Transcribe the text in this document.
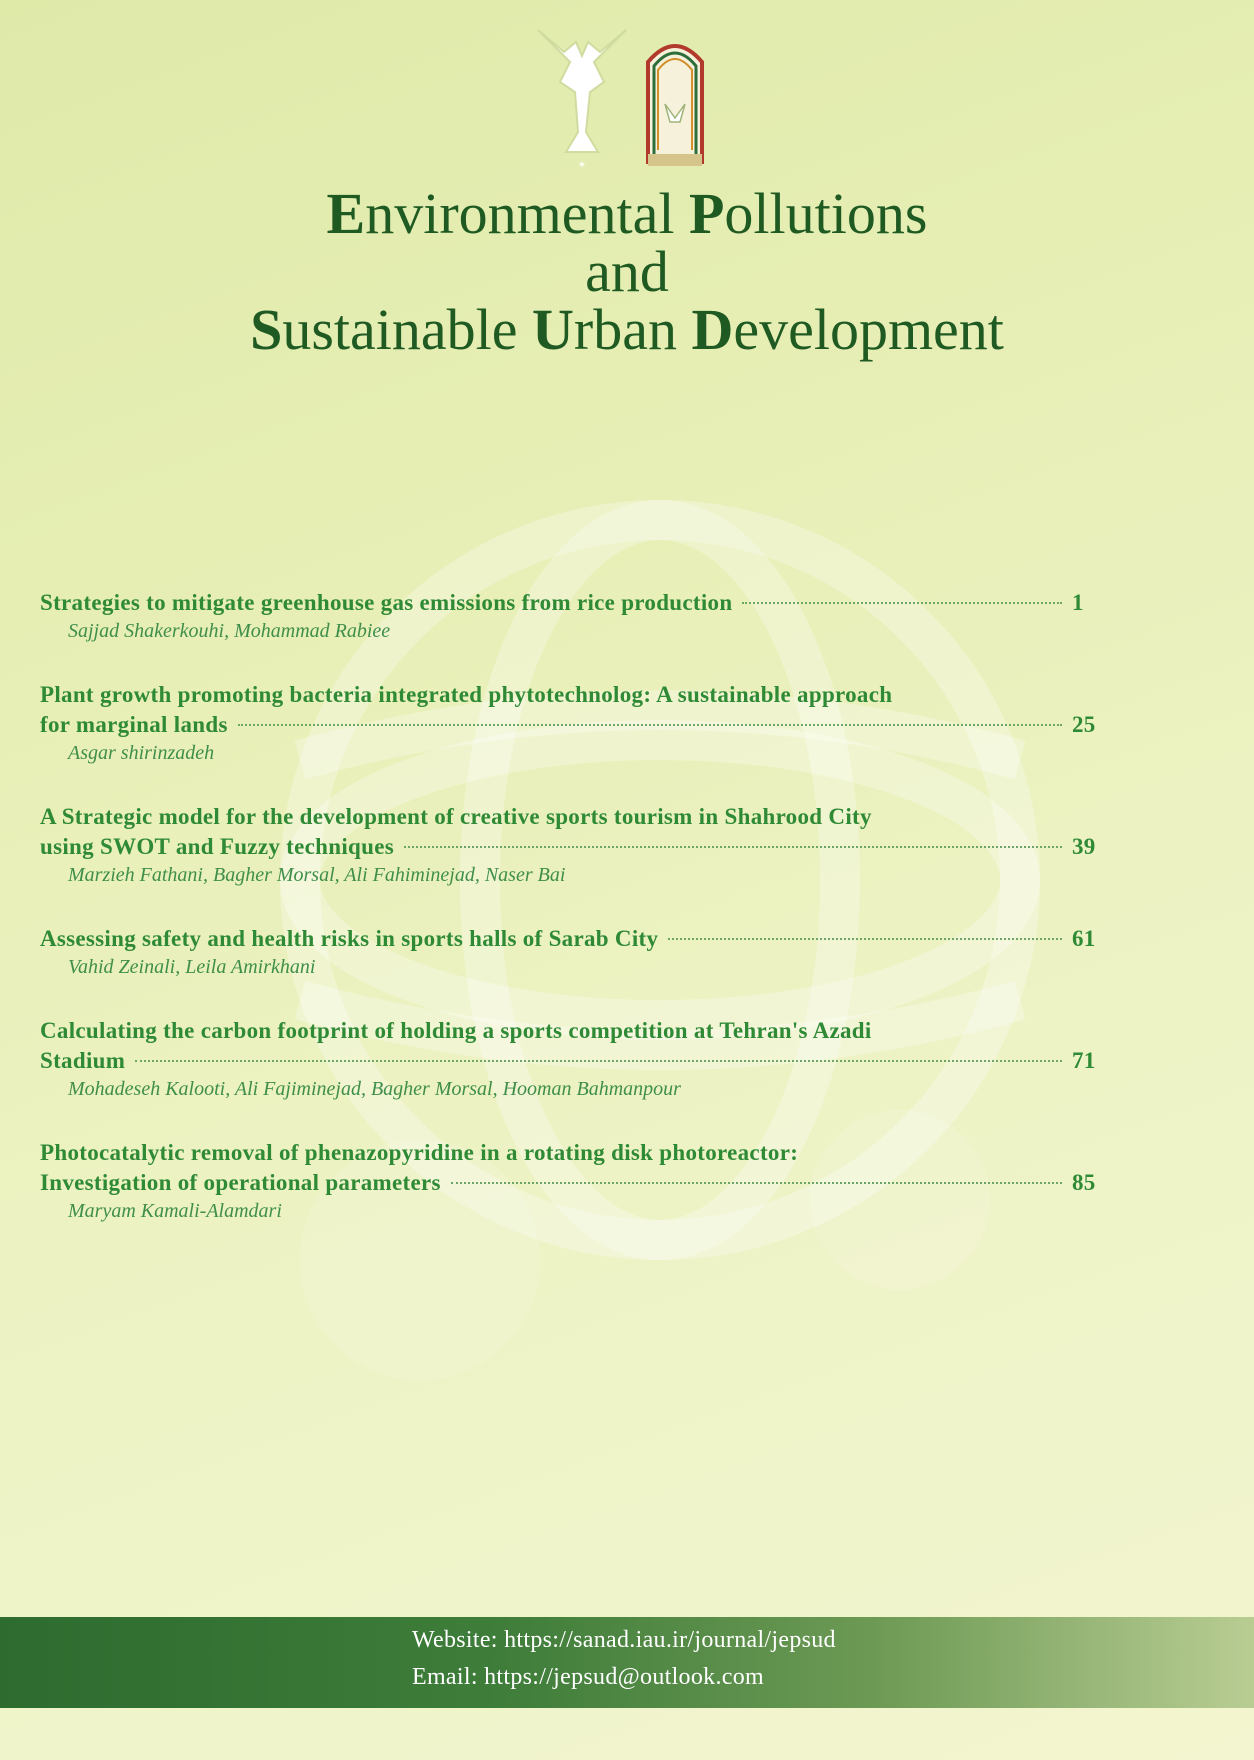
✶
Environmental Pollutions
and
Sustainable Urban Development
Strategies to mitigate greenhouse gas emissions from rice production	1
Sajjad Shakerkouhi, Mohammad Rabiee
Plant growth promoting bacteria integrated phytotechnolog: A sustainable approach
for marginal lands	25
Asgar shirinzadeh
A Strategic model for the development of creative sports tourism in Shahrood City
using SWOT and Fuzzy techniques	39
Marzieh Fathani, Bagher Morsal, Ali Fahiminejad, Naser Bai
Assessing safety and health risks in sports halls of Sarab City	61
Vahid Zeinali, Leila Amirkhani
Calculating the carbon footprint of holding a sports competition at Tehran's Azadi
Stadium	71
Mohadeseh Kalooti, Ali Fajiminejad, Bagher Morsal, Hooman Bahmanpour
Photocatalytic removal of phenazopyridine in a rotating disk photoreactor:
Investigation of operational parameters	85
Maryam Kamali-Alamdari
Website: https://sanad.iau.ir/journal/jepsud
Email: https://jepsud@outlook.com
